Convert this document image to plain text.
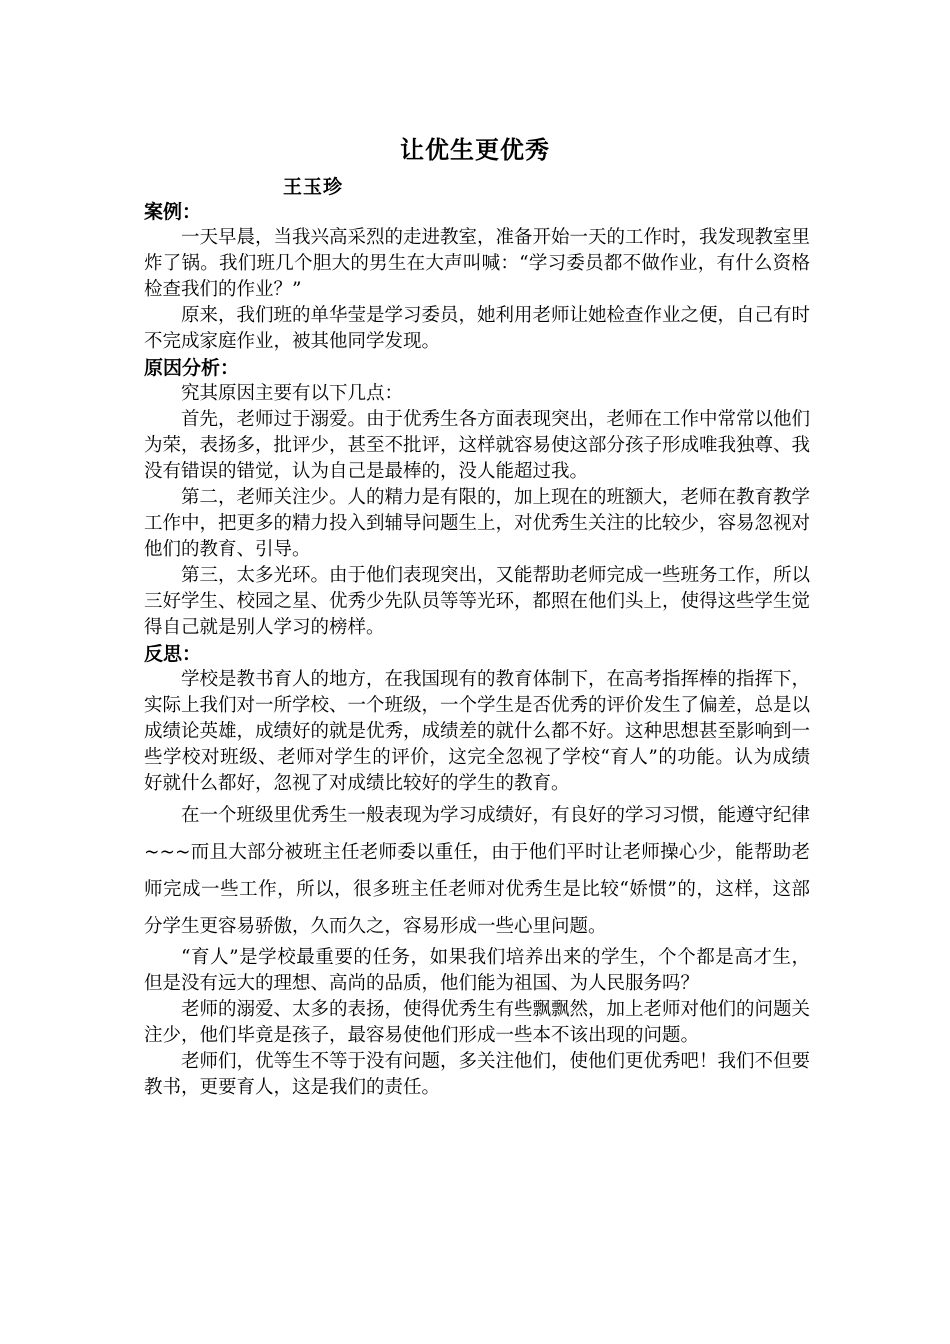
让优生更优秀
王玉珍
案例：

一天早晨，当我兴高采烈的走进教室，准备开始一天的工作时，我发现教室里炸了锅。我们班几个胆大的男生在大声叫喊：“学习委员都不做作业，有什么资格检查我们的作业？”

原来，我们班的单华莹是学习委员，她利用老师让她检查作业之便，自己有时不完成家庭作业，被其他同学发现。

原因分析：

究其原因主要有以下几点：

首先，老师过于溺爱。由于优秀生各方面表现突出，老师在工作中常常以他们为荣，表扬多，批评少，甚至不批评，这样就容易使这部分孩子形成唯我独尊、我没有错误的错觉，认为自己是最棒的，没人能超过我。

第二，老师关注少。人的精力是有限的，加上现在的班额大，老师在教育教学工作中，把更多的精力投入到辅导问题生上，对优秀生关注的比较少，容易忽视对他们的教育、引导。

第三，太多光环。由于他们表现突出，又能帮助老师完成一些班务工作，所以三好学生、校园之星、优秀少先队员等等光环，都照在他们头上，使得这些学生觉得自己就是别人学习的榜样。

反思：

学校是教书育人的地方，在我国现有的教育体制下，在高考指挥棒的指挥下，实际上我们对一所学校、一个班级，一个学生是否优秀的评价发生了偏差，总是以成绩论英雄，成绩好的就是优秀，成绩差的就什么都不好。这种思想甚至影响到一些学校对班级、老师对学生的评价，这完全忽视了学校“育人”的功能。认为成绩好就什么都好，忽视了对成绩比较好的学生的教育。

在一个班级里优秀生一般表现为学习成绩好，有良好的学习习惯，能遵守纪律~~~而且大部分被班主任老师委以重任，由于他们平时让老师操心少，能帮助老师完成一些工作，所以，很多班主任老师对优秀生是比较“娇惯”的，这样，这部分学生更容易骄傲，久而久之，容易形成一些心里问题。

“育人”是学校最重要的任务，如果我们培养出来的学生，个个都是高才生，但是没有远大的理想、高尚的品质，他们能为祖国、为人民服务吗？

老师的溺爱、太多的表扬，使得优秀生有些飘飘然，加上老师对他们的问题关注少，他们毕竟是孩子，最容易使他们形成一些本不该出现的问题。

老师们，优等生不等于没有问题，多关注他们，使他们更优秀吧！我们不但要教书，更要育人，这是我们的责任。
